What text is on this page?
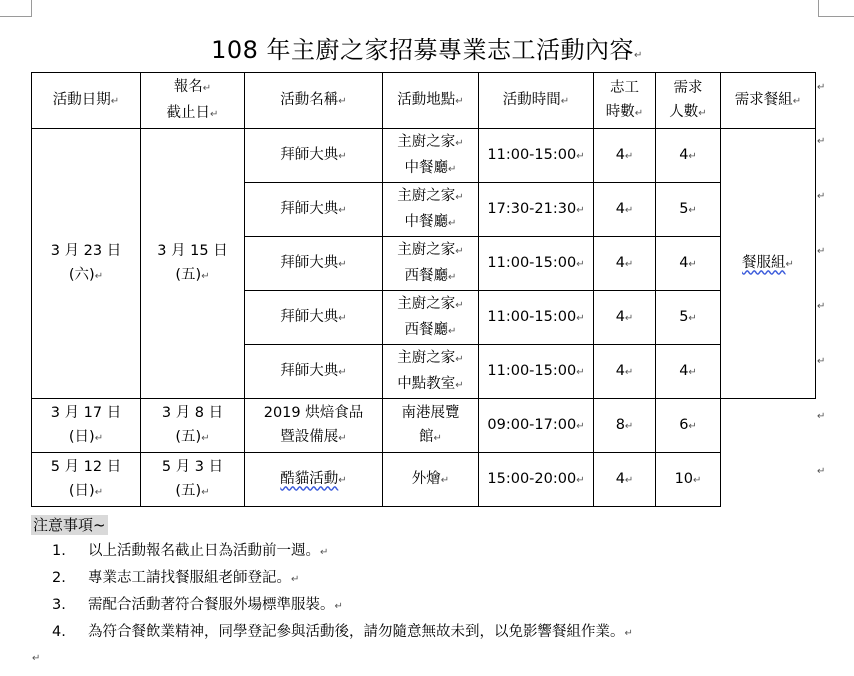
108 年主廚之家招募專業志工活動內容↵
活動日期↵	報名↵
截止日↵	活動名稱↵	活動地點↵	活動時間↵	志工
時數↵	需求
人數↵	需求餐組↵
3 月 23 日
(六)↵	3 月 15 日
(五)↵	拜師大典↵	主廚之家↵
中餐廳↵	11:00-15:00↵	4↵	4↵	餐服組↵
		拜師大典↵	主廚之家↵
中餐廳↵	17:30-21:30↵	4↵	5↵	
		拜師大典↵	主廚之家↵
西餐廳↵	11:00-15:00↵	4↵	4↵	
		拜師大典↵	主廚之家↵
西餐廳↵	11:00-15:00↵	4↵	5↵	
		拜師大典↵	主廚之家↵
中點教室↵	11:00-15:00↵	4↵	4↵	
3 月 17 日
(日)↵	3 月 8 日
(五)↵	2019 烘焙食品
暨設備展↵	南港展覽
館↵	09:00-17:00↵	8↵	6↵	
5 月 12 日
(日)↵	5 月 3 日
(五)↵	酷貓活動↵	外燴↵	15:00-20:00↵	4↵	10↵	
↵
↵
↵
↵
↵
↵
↵
↵
注意事項~
1. 以上活動報名截止日為活動前一週。↵
2. 專業志工請找餐服組老師登記。↵
3. 需配合活動著符合餐服外場標準服裝。↵
4. 為符合餐飲業精神，同學登記參與活動後，請勿隨意無故未到，以免影響餐組作業。↵
↵
